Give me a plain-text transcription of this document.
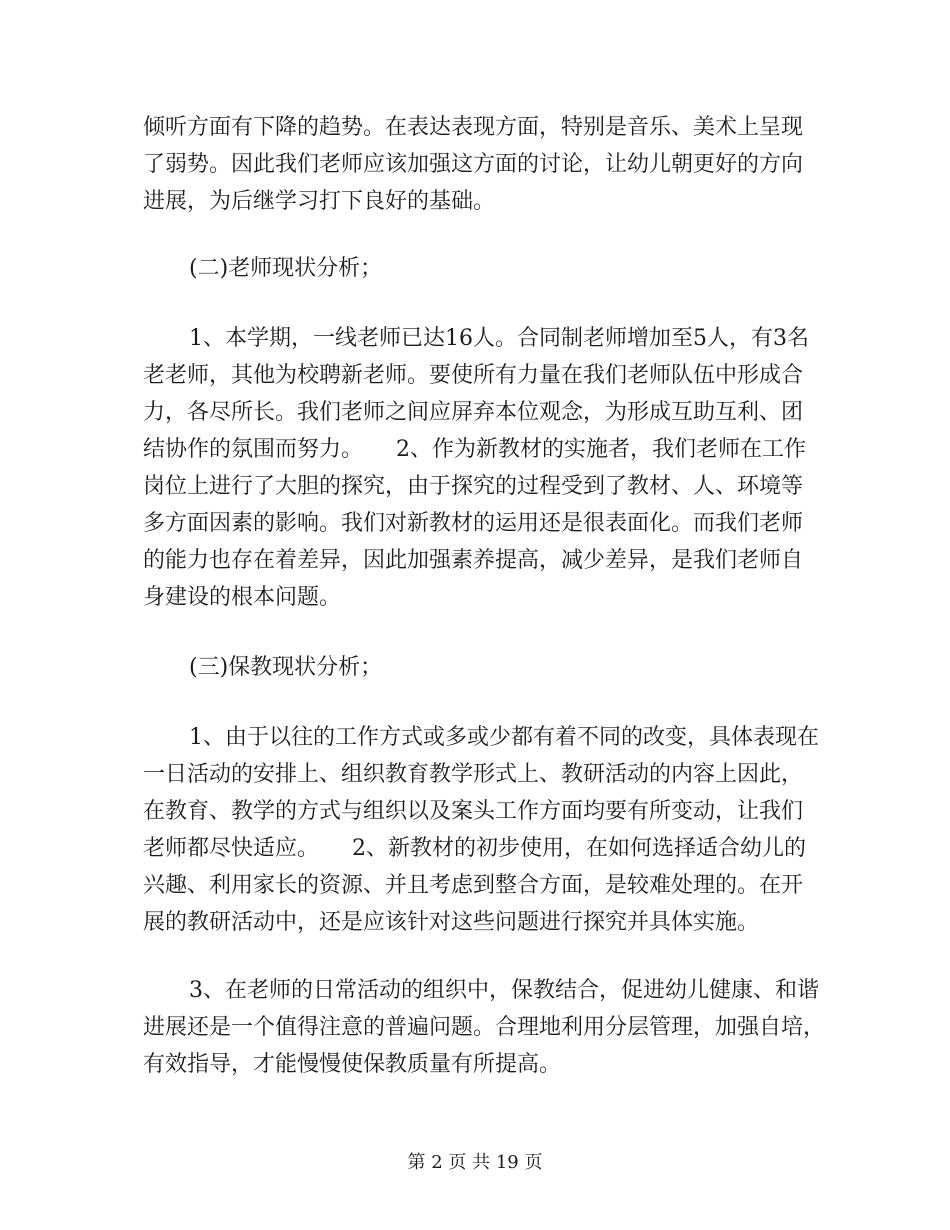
倾听方面有下降的趋势。在表达表现方面，特别是音乐、美术上呈现
了弱势。因此我们老师应该加强这方面的讨论，让幼儿朝更好的方向
进展，为后继学习打下良好的基础。
(二)老师现状分析；
1、本学期，一线老师已达16人。合同制老师增加至5人，有3名
老老师，其他为校聘新老师。要使所有力量在我们老师队伍中形成合
力，各尽所长。我们老师之间应屏弃本位观念，为形成互助互利、团
结协作的氛围而努力。　　2、作为新教材的实施者，我们老师在工作
岗位上进行了大胆的探究，由于探究的过程受到了教材、人、环境等
多方面因素的影响。我们对新教材的运用还是很表面化。而我们老师
的能力也存在着差异，因此加强素养提高，减少差异，是我们老师自
身建设的根本问题。
(三)保教现状分析；
1、由于以往的工作方式或多或少都有着不同的改变，具体表现在
一日活动的安排上、组织教育教学形式上、教研活动的内容上因此，
在教育、教学的方式与组织以及案头工作方面均要有所变动，让我们
老师都尽快适应。　　2、新教材的初步使用，在如何选择适合幼儿的
兴趣、利用家长的资源、并且考虑到整合方面，是较难处理的。在开
展的教研活动中，还是应该针对这些问题进行探究并具体实施。
3、在老师的日常活动的组织中，保教结合，促进幼儿健康、和谐
进展还是一个值得注意的普遍问题。合理地利用分层管理，加强自培，
有效指导，才能慢慢使保教质量有所提高。
第 2 页 共 19 页
